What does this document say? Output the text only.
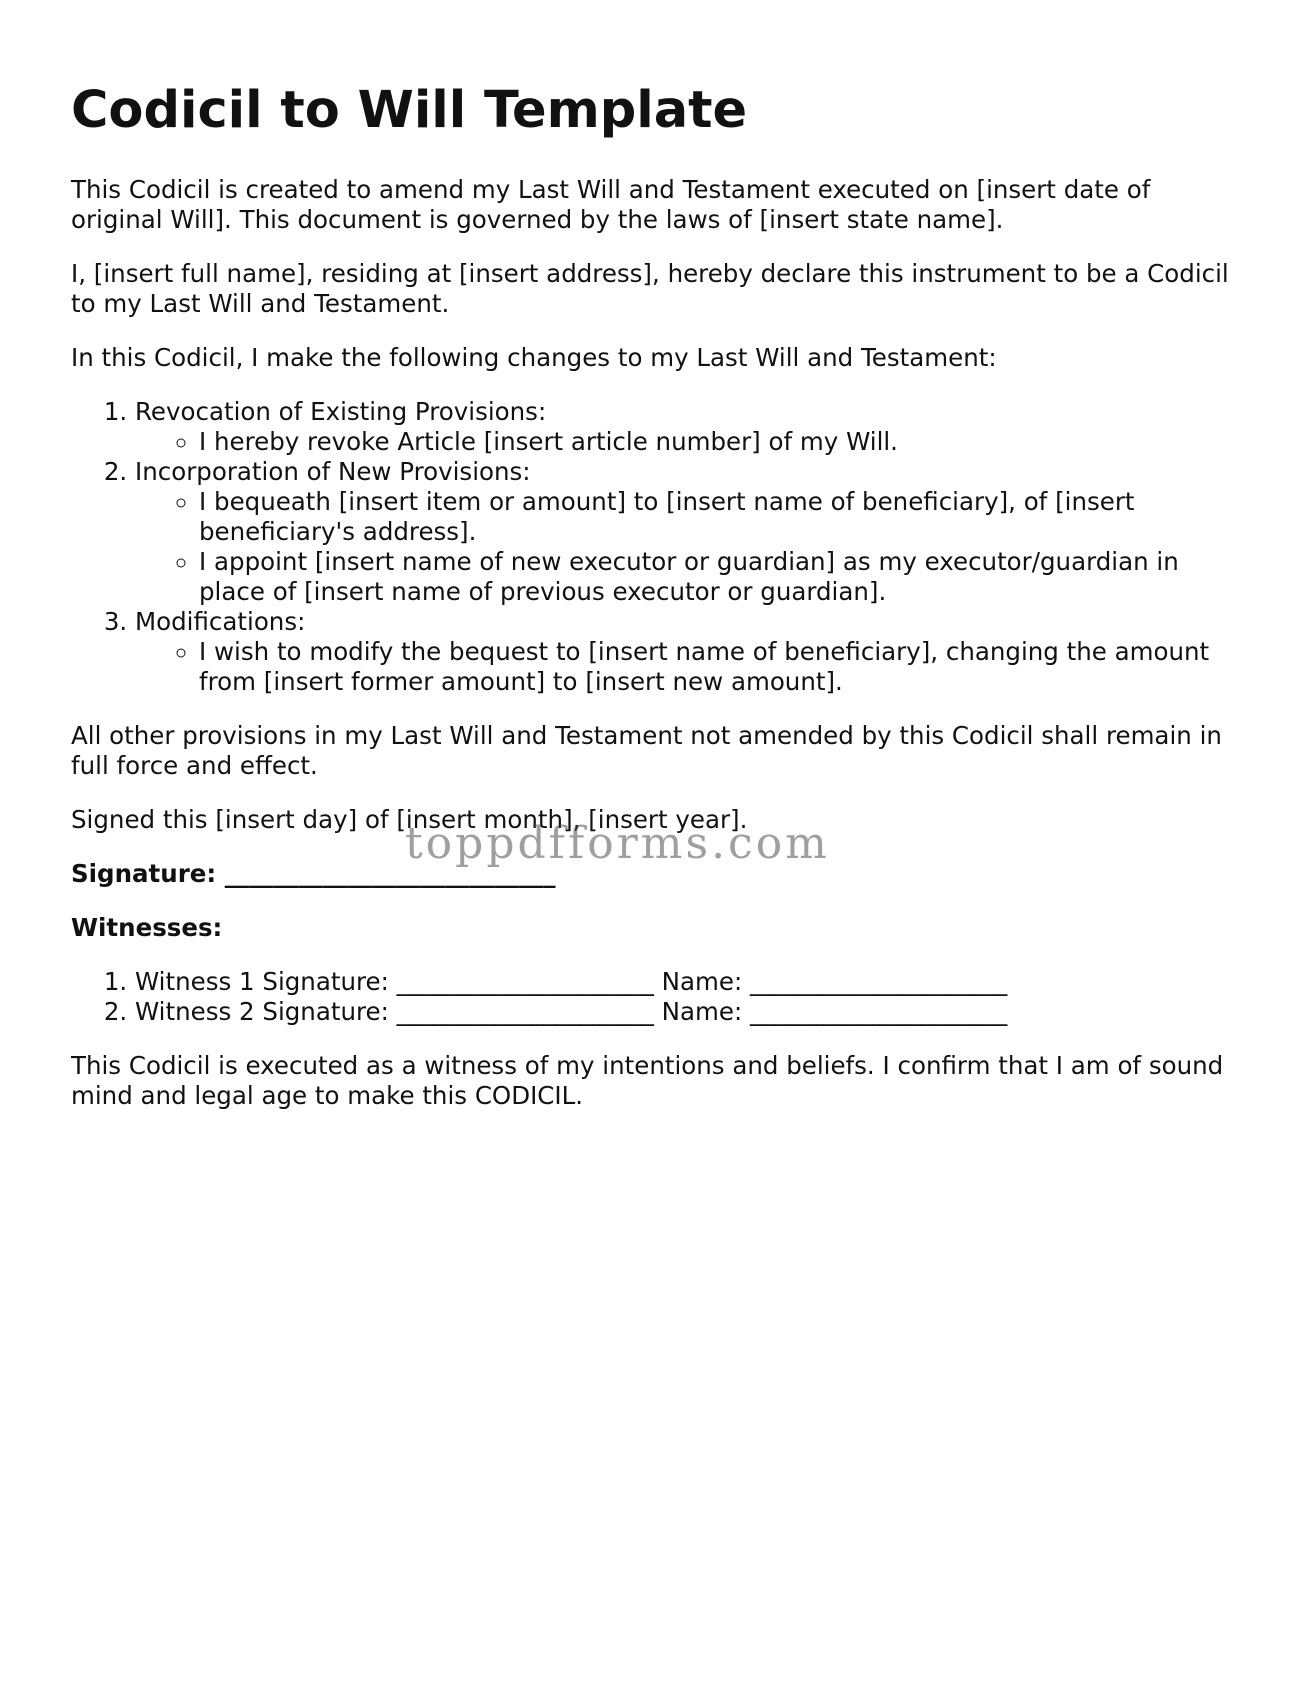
Codicil to Will Template

This Codicil is created to amend my Last Will and Testament executed on [insert date of original Will]. This document is governed by the laws of [insert state name].

I, [insert full name], residing at [insert address], hereby declare this instrument to be a Codicil to my Last Will and Testament.

In this Codicil, I make the following changes to my Last Will and Testament:

1. Revocation of Existing Provisions:
◦ I hereby revoke Article [insert article number] of my Will.
2. Incorporation of New Provisions:
◦ I bequeath [insert item or amount] to [insert name of beneficiary], of [insert beneficiary's address].
◦ I appoint [insert name of new executor or guardian] as my executor/guardian in place of [insert name of previous executor or guardian].
3. Modifications:
◦ I wish to modify the bequest to [insert name of beneficiary], changing the amount from [insert former amount] to [insert new amount].

All other provisions in my Last Will and Testament not amended by this Codicil shall remain in full force and effect.

Signed this [insert day] of [insert month], [insert year].

Signature: ___________________________

Witnesses:

1. Witness 1 Signature: _____________________ Name: _____________________
2. Witness 2 Signature: _____________________ Name: _____________________

This Codicil is executed as a witness of my intentions and beliefs. I confirm that I am of sound mind and legal age to make this CODICIL.

toppdfforms.com
